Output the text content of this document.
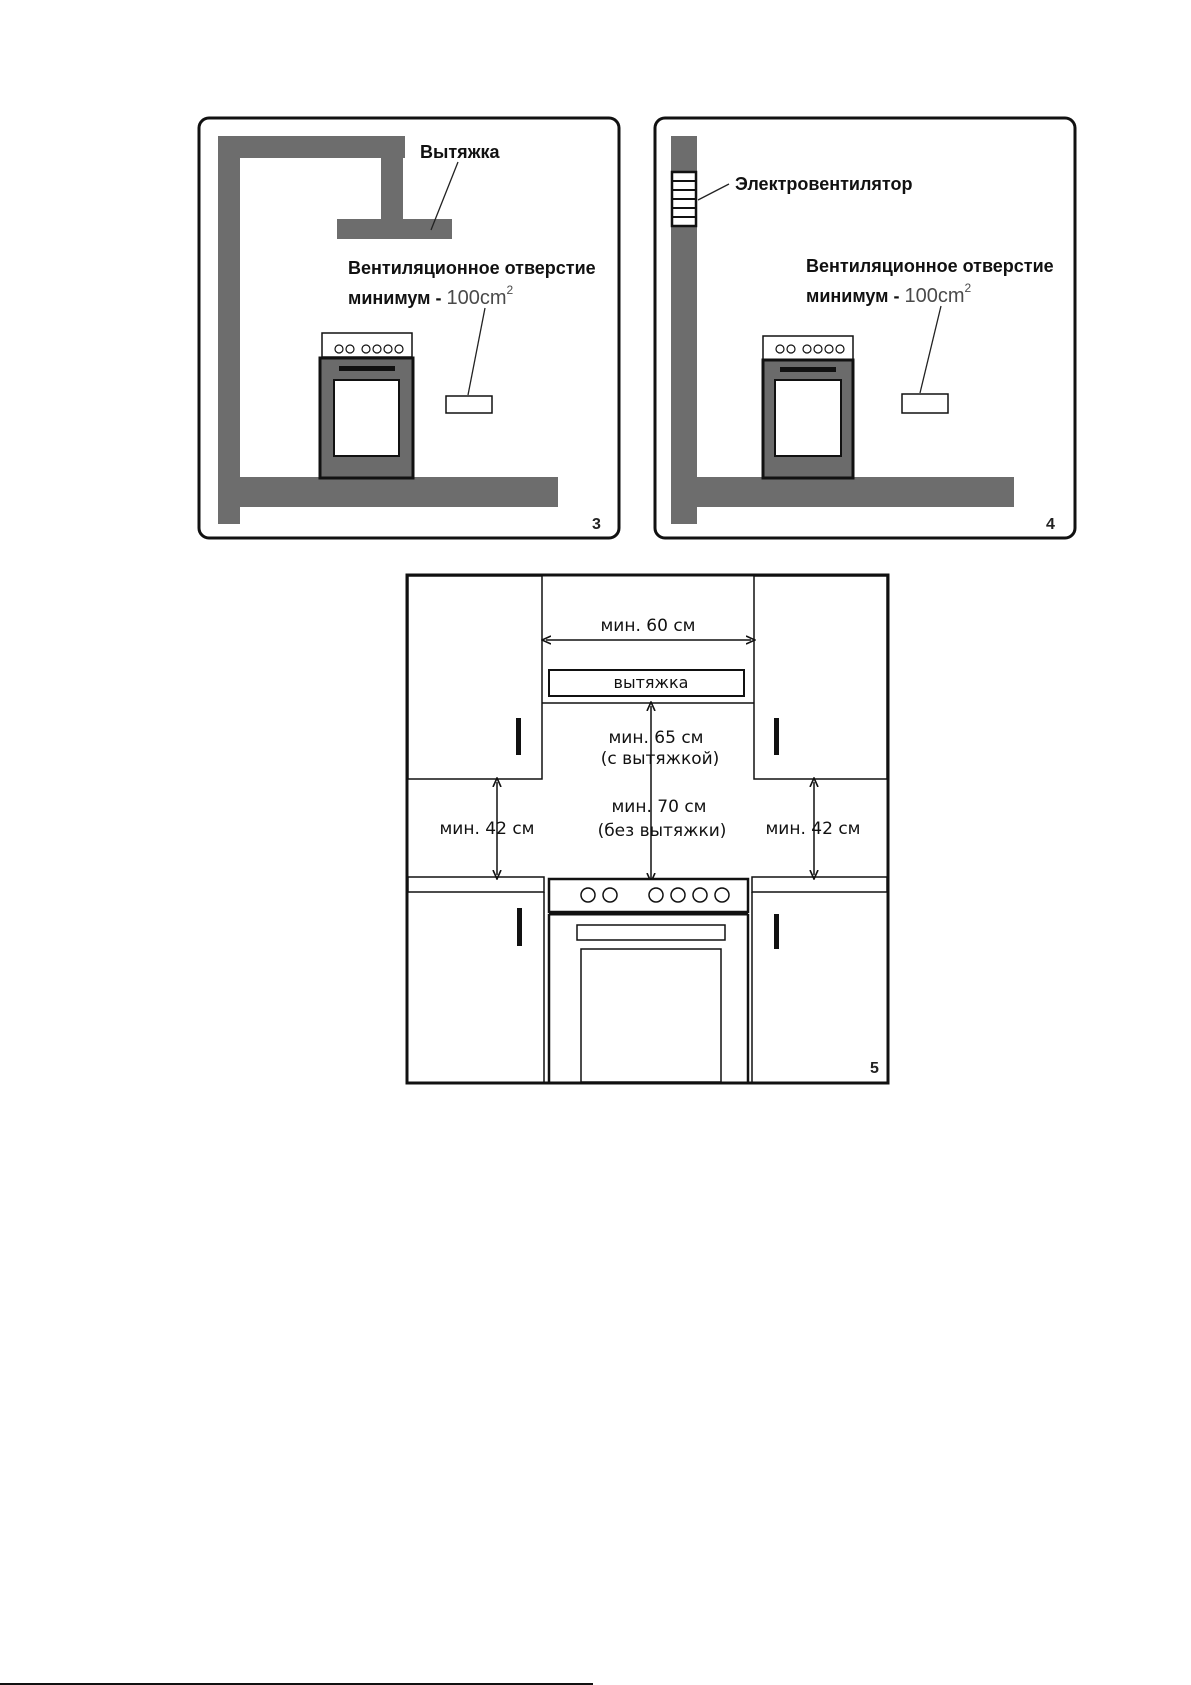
Вытяжка
Вентиляционное отверстие
минимум - $100cm^2$
3
Электровентилятор
Вентиляционное отверстие
минимум - $100cm^2$
4
мин. 60 см
вытяжка
мин. 65 см
(с вытяжкой)
мин. 70 см
(без вытяжки)
мин. 42 см	мин. 42 см
5
